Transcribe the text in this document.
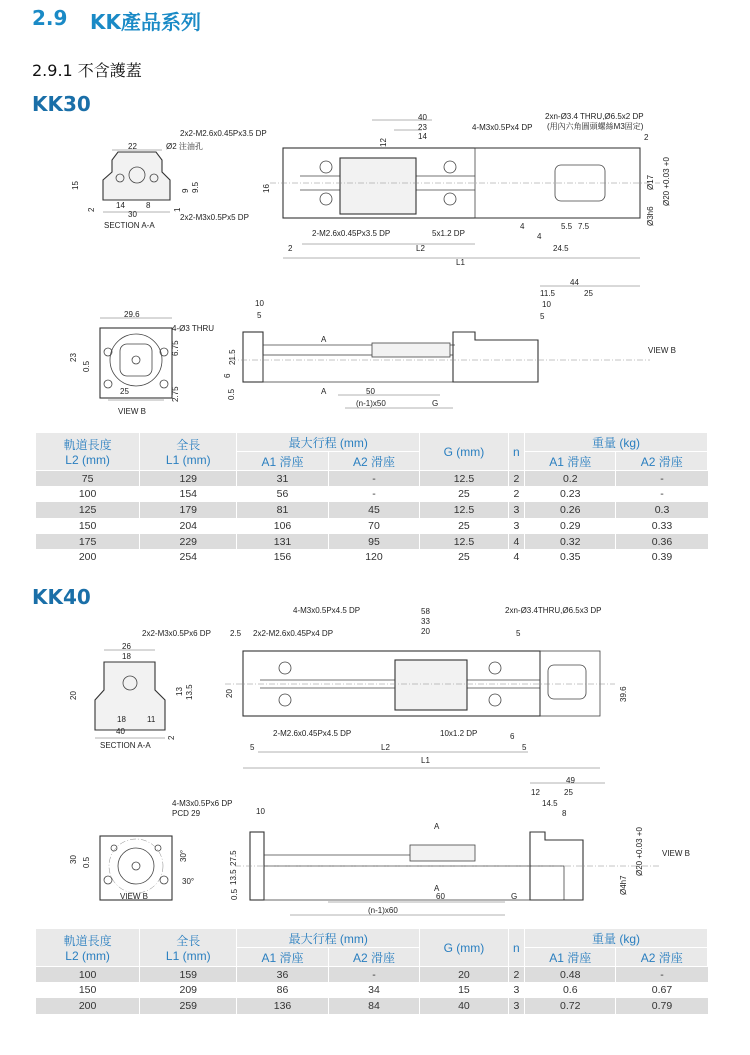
2.9 KK產品系列
2.9.1 不含護蓋
KK30
KK40
22	Ø2 注油孔
15
9 9.5
14	8
2
30
1
SECTION A-A
40
23
14
12
2x2-M2.6x0.45Px3.5 DP
4-M3x0.5Px4 DP
2xn-Ø3.4 THRU,Ø6.5x2 DP
(用內六角圓頭螺絲M3固定)
2
16
2x2-M3x0.5Px5 DP
2-M2.6x0.45Px3.5 DP	5x1.2 DP
4
4
5.5 7.5
24.5
2	L2
L1
Ø17 Ø20 +0.03 +0
Ø3h6
29.6
4-Ø3 THRU
23
0.5
6.75
25	2.75
VIEW B
10
5
21.5
6
0.5
A
A	50
(n-1)x50	G
44
11.5	25
10
5
VIEW B
26
18
20	13 13.5
18	11
2
40
SECTION A-A
4-M3x0.5Px4.5 DP	58
33
20
2xn-Ø3.4THRU,Ø6.5x3 DP
2x2-M3x0.5Px6 DP 2.5 2x2-M2.6x0.45Px4 DP	5
20	39.6
2-M2.6x0.45Px4.5 DP	10x1.2 DP	6
5	L2	5
L1
4-M3x0.5Px6 DP
PCD 29
30 0.5
30°
30°
VIEW B
10
27.5
13.5
0.5
A
A
60	G
(n-1)x60
49
12	25
14.5
8
Ø20 +0.03 +0
Ø4h7
VIEW B
軌道長度
L2 (mm)	全長
L1 (mm)	最大行程 (mm)		G (mm)	n	重量 (kg)	
		A1 滑座	A2 滑座			A1 滑座	A2 滑座
75	129	31	-	12.5	2	0.2	-
100	154	56	-	25	2	0.23	-
125	179	81	45	12.5	3	0.26	0.3
150	204	106	70	25	3	0.29	0.33
175	229	131	95	12.5	4	0.32	0.36
200	254	156	120	25	4	0.35	0.39
軌道長度
L2 (mm)	全長
L1 (mm)	最大行程 (mm)		G (mm)	n	重量 (kg)	
		A1 滑座	A2 滑座			A1 滑座	A2 滑座
100	159	36	-	20	2	0.48	-
150	209	86	34	15	3	0.6	0.67
200	259	136	84	40	3	0.72	0.79
